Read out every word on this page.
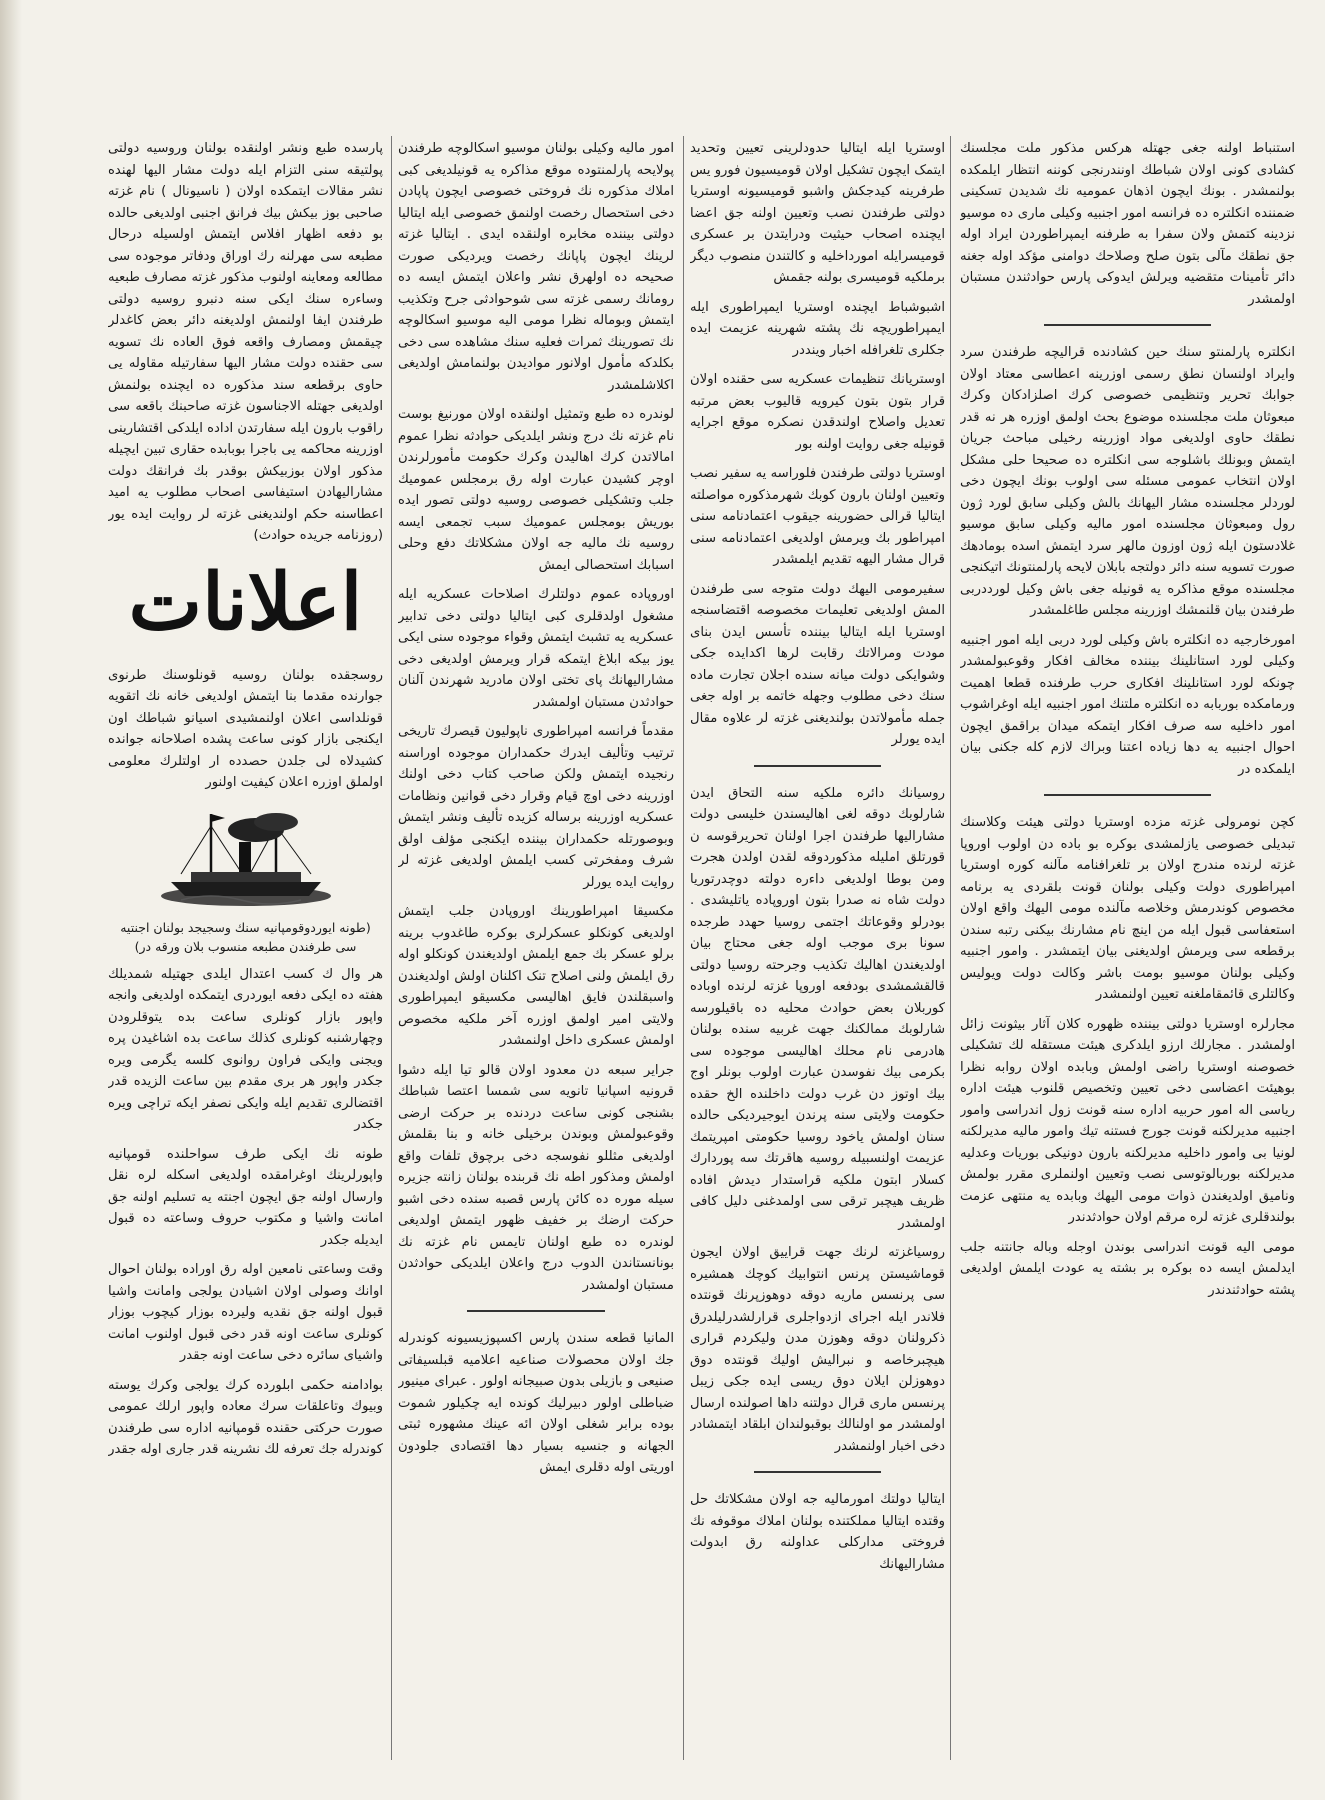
استنباط اولنه جغی جهتله هرکس مذکور ملت مجلسنك كشادی كونی اولان شباطك اونندرنجی كوننه انتظار ایلمکده بولنمشدر . بونك ایچون اذهان عمومیه نك شدیدن تسکینی ضمننده انکلتره ده فرانسه امور اجنبیه وکیلی ماری ده موسیو نزدینه کتمش ولان سفرا به طرفنه ایمپراطوردن ایراد اوله جق نطقك مآلی بتون صلح وصلاحك دوامنی مؤكد اوله جغنه دائر تأمینات متقضیه ویرلش ایدوكی پارس حوادثندن مستبان اولمشدر

انکلتره پارلمنتو سنك حین کشادنده قرالیچه طرفندن سرد وایراد اولنسان نطق رسمی اوزرینه اعطاسی معتاد اولان جوابك تحریر وتنظیمی خصوصی کرك اصلزادکان وکرك مبعوثان ملت مجلسنده موضوع بحث اولمق اوزره هر نه قدر نطقك حاوی اولدیغی مواد اوزرینه رخیلی مباحث جریان ایتمش وبونلك باشلوجه سی انکلتره ده صحیحا حلی مشکل اولان انتخاب عمومی مسئله سی اولوب بونك ایچون دخی لوردلر مجلسنده مشار الیهانك بالش وکیلی سابق لورد ژون رول ومبعوثان مجلسنده امور مالیه وکیلی سابق موسیو غلادستون ایله ژون اوزون مالهر سرد ایتمش اسده بومادهك صورت تسویه سنه دائر دولتجه بابلان لایحه پارلمنتونك اتیکنجی مجلسنده موقع مذاکره یه قونیله جغی باش وكیل لورددربی طرفندن بیان قلنمشك اوزرینه مجلس طاغلمشدر

امورخارجیه ده انکلتره باش وکیلی لورد دربی ایله امور اجنبیه وکیلی لورد استانلینك بیننده مخالف افکار وقوعبولمشدر چونکه لورد استانلینك افکاری حرب طرفنده قطعا اهمیت ورمامکده بوربابه ده انکلتره ملتنك امور اجنبیه ایله اوغراشوب امور داخلیه سه صرف افکار ایتمکه میدان براقمق ایچون احوال اجنبیه یه دها زیاده اعتنا وبراك لازم کله جکنی بیان ایلمکده در

کچن نومرولی غزته مزده اوستریا دولتی هیئت وکلاسنك تبدیلی خصوصی یازلمشدی بوکره بو باده دن اولوب اوروپا غزته لرنده مندرج اولان بر تلغرافنامه مآلنه کوره اوستریا امپراطوری دولت وکیلی بولنان قونت بلقردی یه برنامه مخصوص کوندرمش وخلاصه مآلنده مومی الیهك واقع اولان استعفاسی قبول ایله من اینچ نام مشارنك بیکنی رتبه سندن برقطعه سی ویرمش اولدیغنی بیان ایتمشدر . وامور اجنبیه وکیلی بولنان موسیو بومت باشر وکالت دولت ویولیس وکالتلری قائمقاملغنه تعیین اولنمشدر

مجارلره اوستریا دولتی بیننده ظهوره کلان آثار بیثونت زائل اولمشدر . مجارلك ارزو ایلدکری هیئت مستقله لك تشکیلی خصوصنه اوستریا راضی اولمش وبابده اولان روابه نظرا بوهیئت اعضاسی دخی تعیین وتخصیص قلنوب هیئت اداره ریاسی اله امور حربیه اداره سنه قونت زول اندراسی وامور اجنبیه مدیرلکنه قونت جورج فستنه تیك وامور مالیه مدیرلکنه لونیا بی وامور داخلیه مدیرلکنه بارون دونیکی بوریات وعدلیه مدیرلکنه بوربالوتوسی نصب وتعیین اولنملری مقرر بولمش ونامیق اولدیغندن ذوات مومی الیهك وبابده یه منتهی عزمت بولندقلری غزته لره مرقم اولان حوادثدندر

مومی الیه قونت اندراسی بوندن اوجله وباله جانتنه جلب ایدلمش ایسه ده بوکره بر بشته یه عودت ایلمش اولدیغی پشته حوادثندندر

اوستریا ایله ایتالیا حدودلرینی تعیین وتحدید ایتمک ایچون تشکیل اولان قومیسیون فورو یس طرفرینه کیدجکش واشبو قومیسیونه اوستریا دولتی طرفندن نصب وتعیین اولنه جق اعضا ایچنده اصحاب حیثیت ودرایتدن بر عسکری قومیسرایله امورداخلیه و کالتندن منصوب دیگر برملکیه قومیسری بولنه جقمش

اشبوشباط ایچنده اوستریا ایمپراطوری ایله ایمپراطوریچه نك پشته شهرینه عزیمت ایده جکلری تلغرافله اخبار وینددر

اوستریانك تنظیمات عسکریه سی حقنده اولان قرار بتون بتون کیرویه قالیوب بعض مرتبه تعدیل واصلاح اولندقدن نصکره موقع اجرایه قونیله جغی روایت اولنه بور

اوستریا دولتی طرفندن فلوراسه یه سفیر نصب وتعیین اولنان بارون کوبك شهرمذکوره مواصلته ایتالیا قرالی حضورینه جیقوب اعتمادنامه سنی امپراطور بك ویرمش اولدیغی اعتمادنامه سنی قرال مشار الیهه تقدیم ایلمشدر

سفیرمومی الیهك دولت متوجه سی طرفندن المش اولدیغی تعلیمات مخصوصه اقتضاسنجه اوستریا ایله ایتالیا بیننده تأسس ایدن بنای مودت ومرالاتك رقابت لرها اکدایده جکی وشوایکی دولت میانه سنده اجلان تجارت ماده سنك دخی مطلوب وجهله خاتمه بر اوله جغی جمله مأمولاتدن بولندیغنی غزته لر علاوه مقال ایده یورلر

روسیانك دائره ملکیه سنه التحاق ایدن شارلوبك دوقه لغی اهالیسندن خلیسی دولت مشارالیها طرفندن اجرا اولنان تحریرقوسه ن قورتلق املیله مذکوردوقه لقدن اولدن هجرت ومن بوطا اولدیغی داءره دولته دوچدرتوریا دولت شاه نه صدرا بتون اوروپاده یاتلیشدی . بودرلو وقوعاتك اجتمی روسیا حهدد طرجده سونا بری موجب اوله جغی محتاج بیان اولدیغندن اهالیك تكذیب وجرحته روسیا دولتی قالقشمشدی بودفعه اوروپا غزته لرنده اوباده کوربلان بعض حوادث محلیه ده باقیلورسه شارلوبك ممالكنك جهت غربیه سنده بولنان هادرمی نام محلك اهالیسی موجوده سی بكرمی بیك نفوسدن عبارت اولوب بونلر اوج بیك اوتوز دن غرب دولت داخلنده الخ حقده حکومت ولایتی سنه پرندن ایوجیردیکی حالده سنان اولمش یاخود روسیا حکومتی امپریتمك عزیمت اولنسبیله روسیه هاقرتك سه پوردارك کسلار ابتون ملکیه قراستدار دیدش افاده ظریف هیچبر ترقی سی اولمدغنی دلیل کافی اولمشدر

روسیاغزته لرنك جهت قراییق اولان ایجون قوماشیستن پرنس انتوابیك کوچك همشیره سی پرنسس ماریه دوقه دوهوزپرنك قونتده فلاندر ایله اجرای ازدواجلری قرارلشدرلیلدرق ذکرولنان دوقه وهوزن مدن ولیكردم قراری هیچبرخاصه و نبرالیش اولیك قونتده دوق دوهوزلن ایلان دوق ریسی ایده جکی زیبل پرنسس ماری قرال دولتنه داها اصولنده ارسال اولمشدر مو اولنالك بوقبولندان ابلقاد ایتمشادر دخی اخبار اولنمشدر

ایتالیا دولتك امورمالیه جه اولان مشکلاتك حل وقتده ایتالیا مملکتنده بولنان املاك موقوفه نك فروختی مدارکلی عداولنه رق ابدولت مشارالیهانك

امور مالیه وکیلی بولنان موسیو اسکالوچه طرفندن پولایحه پارلمنتوده موقع مذاکره یه قونیلدیغی کبی املاك مذکوره نك فروختی خصوصی ایچون پاپادن دخی استحصال رخصت اولنمق خصوصی ایله ایتالیا دولتی بیننده مخابره اولنقده ایدی . ایتالیا غزته لرینك ایچون پاپانك رخصت ویردیکی صورت صحیحه ده اولهرق نشر واعلان ایتمش ایسه ده رومانك رسمی غزته سی شوحوادثی جرح وتکذیب ایتمش وبوماله نظرا مومی الیه موسیو اسکالوچه نك تصورینك ثمرات فعلیه سنك مشاهده سی دخی بکلدکه مأمول اولانور موادیدن بولنمامش اولدیغی اکلاشلمشدر

لوندره ده طبع وتمثیل اولنقده اولان مورنیغ بوست نام غزته نك درج ونشر ایلدیکی حوادثه نظرا عموم امالاتدن کرك اهالیدن وکرك حکومت مأمورلرندن اوچر کشیدن عبارت اوله رق برمجلس عمومیك جلب وتشکیلی خصوصی روسیه دولتی تصور ایده بوریش بومجلس عمومیك سبب تجمعی ایسه روسیه نك مالیه جه اولان مشکلاتك دفع وحلی اسبابك استحصالی ایمش

اوروپاده عموم دولتلرك اصلاحات عسکریه ایله مشغول اولدقلری کبی ایتالیا دولتی دخی تدابیر عسکریه یه تشبث ایتمش وقواء موجوده سنی ایکی یوز بیکه ابلاغ ایتمکه قرار ویرمش اولدیغی دخی مشارالیهانك پای تختی اولان مادرید شهرندن آلنان حوادثدن مستبان اولمشدر

مقدماً فرانسه امپراطوری ناپولیون قیصرك تاریخی ترتیب وتألیف ایدرك حکمداران موجوده اوراسنه رنجیده ایتمش ولکن صاحب کتاب دخی اولنك اوزرینه دخی اوچ قیام وقرار دخی قوانین ونظامات عسکریه اوزرینه برساله کزیده تألیف ونشر ایتمش وبوصورتله حکمداران بیننده ایکنجی مؤلف اولق شرف ومفخرتی کسب ایلمش اولدیغی غزته لر روایت ایده یورلر

مکسیقا امپراطورینك اوروپادن جلب ایتمش اولدیغی کونکلو عسکرلری بوکره طاغدوب برینه برلو عسکر بك جمع ایلمش اولدیغندن کونکلو اوله رق ایلمش ولنی اصلاح تنک اکلنان اولش اولدیغندن واسبقلندن فایق اهالیسی مکسیقو ایمپراطوری ولایتی امیر اولمق اوزره آخر ملکیه مخصوص اولمش عسکری داخل اولنمشدر

جرایر سبعه دن معدود اولان قالو تیا ایله دشوا قرونیه اسپانیا تانویه سی شمسا اعتصا شباطك بشنجی کونی ساعت دردنده بر حرکت ارضی وقوعبولمش وبوندن برخیلی خانه و بنا بقلمش اولدیغی مثللو نفوسجه دخی برچوق تلفات واقع اولمش ومذکور اطه نك قربنده بولنان زانته جزیره سیله موره ده کائن پارس قصبه سنده دخی اشبو حرکت ارضك بر خفیف ظهور ایتمش اولدیغی لوندره ده طبع اولنان تایمس نام غزته نك بونانستاندن الدوب درج واعلان ایلدیکی حوادثدن مستبان اولمشدر

المانیا قطعه سندن پارس اکسپوزیسیونه کوندرله جك اولان محصولات صناعیه اعلامیه قبلسیفاتی صنیعی و بازیلی بدون صبیجانه اولور . عبرای مینیور ضباطلی اولور دبیرلیك کونده ایه چکیلور شموت بوده برابر شغلی اولان ائه عینك مشهوره ثبتی الجهانه و جنسیه بسیار دها اقتصادی جلودون اوریتی اوله دقلری ایمش

پارسده طبع ونشر اولنقده بولنان وروسیه دولتی پولتیقه سنی التزام ایله دولت مشار الیها لهنده نشر مقالات ایتمکده اولان ( ناسیونال ) نام غزته صاحبی بوز بیکش بیك فرانق اجنبی اولدیغی حالده بو دفعه اظهار افلاس ایتمش اولسیله درحال مطبعه سی مهرلنه رك اوراق ودفاتر موجوده سی مطالعه ومعاینه اولنوب مذکور غزته مصارف طبعیه وساءره سنك ایکی سنه دنبرو روسیه دولتی طرفندن ایفا اولنمش اولدیغنه دائر بعض کاغدلر چیقمش ومصارف واقعه فوق العاده نك تسویه سی حقنده دولت مشار الیها سفارتیله مقاوله یی حاوی برقطعه سند مذکوره ده ایچنده بولنمش اولدیغی جهتله الاجناسون غزته صاحبنك باقعه سی راقوب بارون ایله سفارتدن اداده ایلدکی اقتشارینی اوزرینه محاکمه یی باجرا بوبابده حقاری تبین ایچیله مذکور اولان بوزبیکش بوقدر بك فرانقك دولت مشارالیهادن استیفاسی اصحاب مطلوب یه امید اعطاسنه حکم اولندیغنی غزته لر روایت ایده یور (روزنامه جریده حوادث)

اعلانات

روسجقده بولنان روسیه قونلوسنك طرنوی جوارنده مقدما بنا ایتمش اولدیغی خانه نك اتقویه قونلداسی اعلان اولنمشیدی اسیانو شباطك اون ایکنجی بازار کونی ساعت پشده اصلاحانه جوانده کشیدلاه لی جلدن حصدده ار اولتلرك معلومی اولملق اوزره اعلان کیفیت اولنور

(طونه ایوردوقومپانیه سنك وسجیجد بولنان اجنتیه سی طرفندن مطبعه منسوب بلان ورقه در)

هر وال ك کسب اعتدال ایلدی جهتیله شمدیلك هفته ده ایکی دفعه ایوردری ایتمکده اولدیغی وانجه واپور بازار کونلری ساعت بده یتوقلرودن وچهارشنبه کونلری کذلك ساعت بده اشاغیدن پره ویجنی وایکی فراون روانوی کلسه یگرمی ویره جکدر واپور هر بری مقدم بین ساعت الزیده قدر اقتضالری تقدیم ایله وایکی نصفر ایکه تراچی ویره جکدر

طونه نك ایکی طرف سواحلنده قومپانیه واپورلرینك اوغرامقده اولدیغی اسکله لره نقل وارسال اولنه جق ایچون اجنته یه تسلیم اولنه جق امانت واشیا و مکتوب حروف وساعته ده قبول ایدیله جکدر

وقت وساعتی نامعین اوله رق اوراده بولنان احوال اوانك وصولی اولان اشیادن یولجی وامانت واشیا قبول اولنه جق نقدیه ولیرده بوزار کیچوب بوزار كونلری ساعت اونه قدر دخی قبول اولنوب امانت واشیای سائره دخی ساعت اونه جقدر

بوادامنه حکمی ابلورده کرك یولجی وکرك یوسته وبیوك وتاعلقات سرك معاده واپور ارلك عمومی صورت حرکتی حقنده قومپانیه اداره سی طرفندن کوندرله جك تعرفه لك نشرینه قدر جاری اوله جقدر
